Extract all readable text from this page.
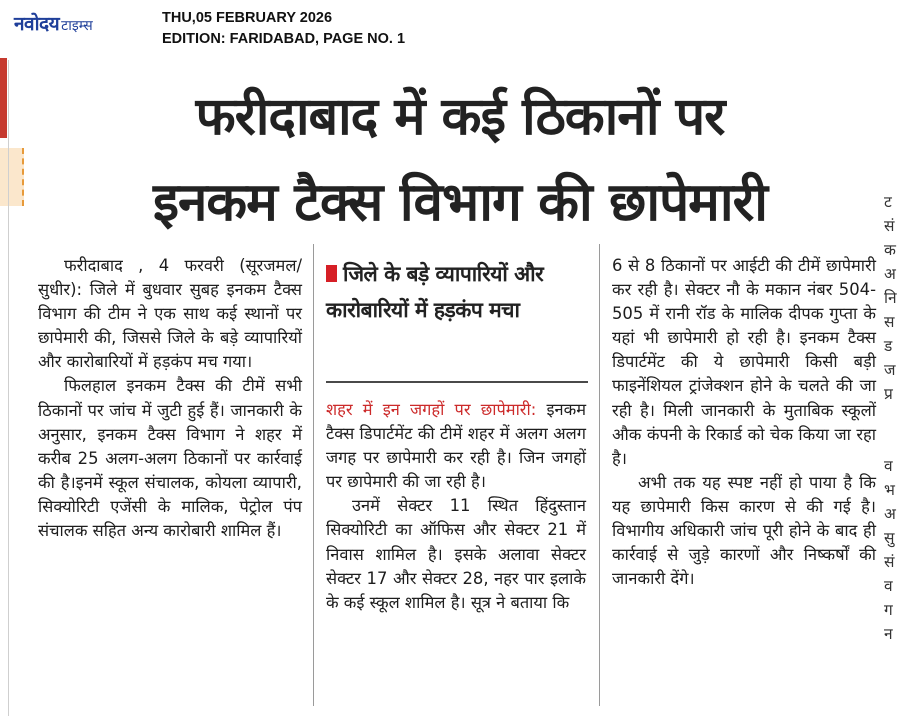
नवोदय टाइम्स	THU,05 FEBRUARY 2026
EDITION: FARIDABAD, PAGE NO. 1
फरीदाबाद में कई ठिकानों पर
इनकम टैक्स विभाग की छापेमारी

फरीदाबाद , 4 फरवरी (सूरजमल/सुधीर): जिले में बुधवार सुबह इनकम टैक्स विभाग की टीम ने एक साथ कई स्थानों पर छापेमारी की, जिससे जिले के बड़े व्यापारियों और कारोबारियों में हड़कंप मच गया।

फिलहाल इनकम टैक्स की टीमें सभी ठिकानों पर जांच में जुटी हुई हैं। जानकारी के अनुसार, इनकम टैक्स विभाग ने शहर में करीब 25 अलग-अलग ठिकानों पर कार्रवाई की है।इनमें स्कूल संचालक, कोयला व्यापारी, सिक्योरिटी एजेंसी के मालिक, पेट्रोल पंप संचालक सहित अन्य कारोबारी शामिल हैं।

जिले के बड़े व्यापारियों और कारोबारियों में हड़कंप मचा

शहर में इन जगहों पर छापेमारी: इनकम टैक्स डिपार्टमेंट की टीमें शहर में अलग अलग जगह पर छापेमारी कर रही है। जिन जगहों पर छापेमारी की जा रही है।

उनमें सेक्टर 11 स्थित हिंदुस्तान सिक्योरिटी का ऑफिस और सेक्टर 21 में निवास शामिल है। इसके अलावा सेक्टर सेक्टर 17 और सेक्टर 28, नहर पार इलाके के कई स्कूल शामिल है। सूत्र ने बताया कि

6 से 8 ठिकानों पर आईटी की टीमें छापेमारी कर रही है। सेक्टर नौ के मकान नंबर 504-505 में रानी रॉड के मालिक दीपक गुप्ता के यहां भी छापेमारी हो रही है। इनकम टैक्स डिपार्टमेंट की ये छापेमारी किसी बड़ी फाइनेंशियल ट्रांजेक्शन होने के चलते की जा रही है। मिली जानकारी के मुताबिक स्कूलों औक कंपनी के रिकार्ड को चेक किया जा रहा है।

अभी तक यह स्पष्ट नहीं हो पाया है कि यह छापेमारी किस कारण से की गई है। विभागीय अधिकारी जांच पूरी होने के बाद ही कार्रवाई से जुड़े कारणों और निष्कर्षों की जानकारी देंगे।

ट
सं
क
अ
नि
स
ड
ज
प्र
व
भ
अ
सु
सं
व
ग
न
